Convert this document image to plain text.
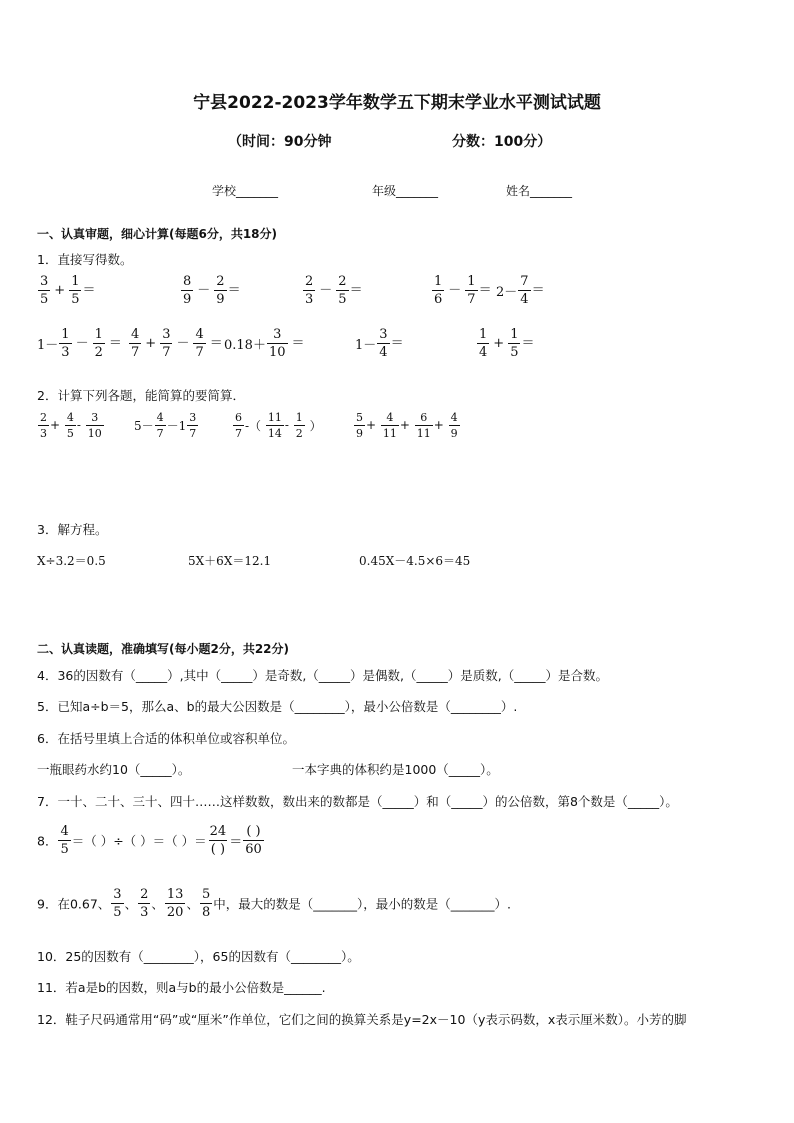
宁县2022-2023学年数学五下期末学业水平测试试题
（时间：90分钟	分数：100分）
学校_______	年级_______	姓名_______
一、认真审题，细心计算(每题6分，共18分)
1．直接写得数。
$\frac{3}{5} + \frac{1}{5}$ ＝	$\frac{8}{9} - \frac{2}{9}$ ＝	$\frac{2}{3} - \frac{2}{5}$ ＝	$\frac{1}{6} - \frac{1}{7} = 2- \frac{7}{4}$ ＝
$1- \frac{1}{3} - \frac{1}{2} = \frac{4}{7} + \frac{3}{7} - \frac{4}{7} = 0.18+ \frac{3}{10}$ ＝	$1- \frac{3}{4}$ ＝	$\frac{1}{4} + \frac{1}{5}$ ＝
2．计算下列各题，能简算的要简算．
$\frac{2}{3} + \frac{4}{5} - \frac{3}{10}$	$5- \frac{4}{7} -1 \frac{3}{7}$	$\frac{6}{7}$ -（ $\frac{11}{14} - \frac{1}{2}$ ）	$\frac{5}{9} + \frac{4}{11} + \frac{6}{11} + \frac{4}{9}$
3．解方程。
X÷3.2＝0.5	5X＋6X＝12.1	0.45X－4.5×6＝45
二、认真读题，准确填写(每小题2分，共22分)
4．36的因数有（_____）,其中（_____）是奇数,（_____）是偶数,（_____）是质数,（_____）是合数。
5．已知a÷b＝5，那么a、b的最大公因数是（________），最小公倍数是（________）.
6．在括号里填上合适的体积单位或容积单位。
一瓶眼药水约10（_____）。	一本字典的体积约是1000（_____）。
7．一十、二十、三十、四十……这样数数，数出来的数都是（_____）和（_____）的公倍数，第8个数是（_____）。
8． $\frac{4}{5}$ ＝（ ）÷（ ）＝（ ）＝
24
( ) ＝
( )
60
9．在0.67、 $\frac{3}{5}$ 、 $\frac{2}{3}$ 、 $\frac{13}{20}$ 、 $\frac{5}{8}$ 中，最大的数是（_______），最小的数是（_______）.
10．25的因数有（________），65的因数有（________）。
11．若a是b的因数，则a与b的最小公倍数是______.
12．鞋子尺码通常用“码”或“厘米”作单位，它们之间的换算关系是y=2x－10（y表示码数，x表示厘米数）。小芳的脚
